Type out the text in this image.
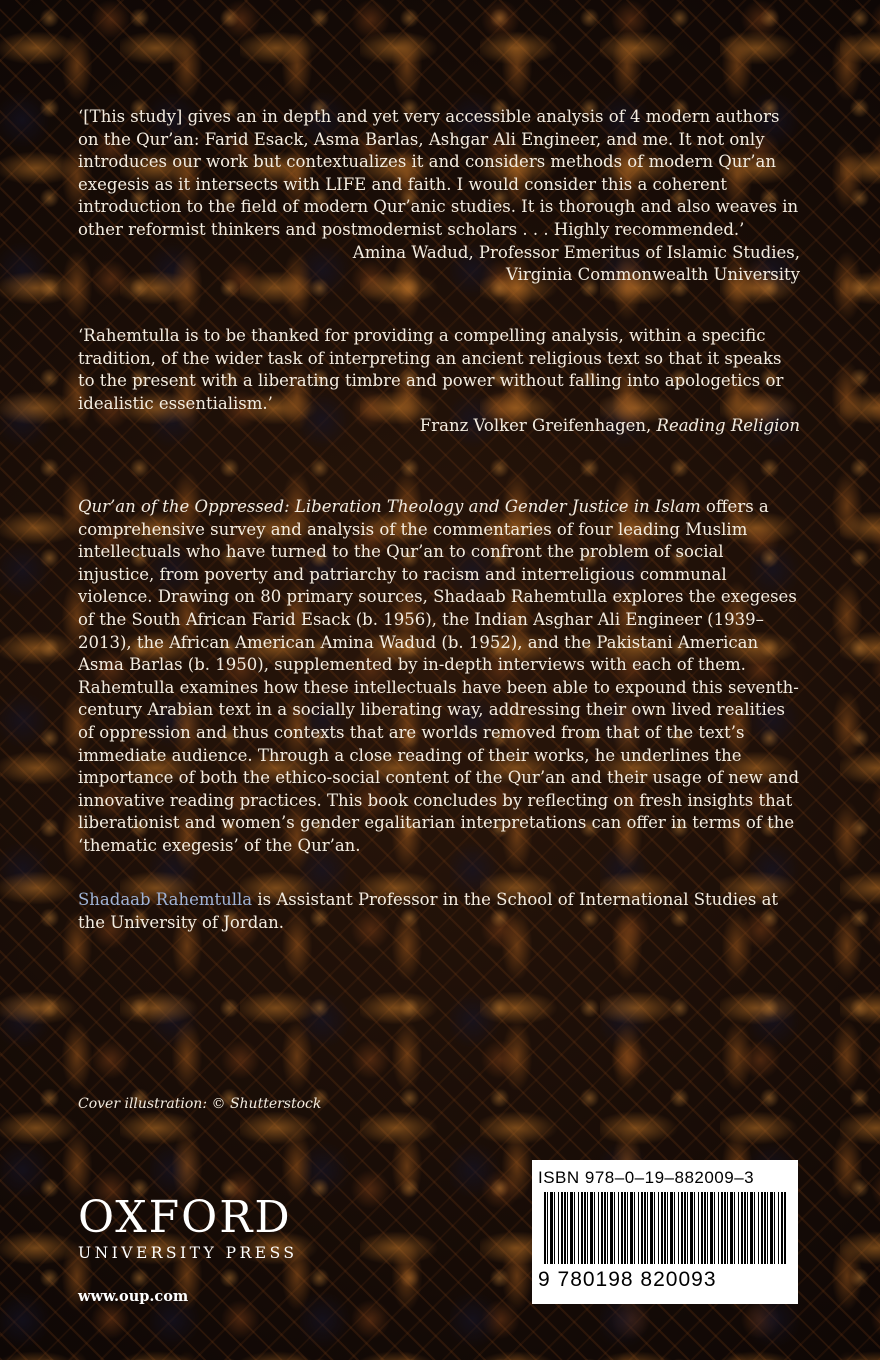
‘[This study] gives an in depth and yet very accessible analysis of 4 modern authors on the Qur’an: Farid Esack, Asma Barlas, Ashgar Ali Engineer, and me. It not only introduces our work but contextualizes it and considers methods of modern Qur’an exegesis as it intersects with LIFE and faith. I would consider this a coherent introduction to the field of modern Qur’anic studies. It is thorough and also weaves in other reformist thinkers and postmodernist scholars . . . Highly recommended.’

Amina Wadud, Professor Emeritus of Islamic Studies,
Virginia Commonwealth University

‘Rahemtulla is to be thanked for providing a compelling analysis, within a specific tradition, of the wider task of interpreting an ancient religious text so that it speaks to the present with a liberating timbre and power without falling into apologetics or idealistic essentialism.’

Franz Volker Greifenhagen, Reading Religion

Qur’an of the Oppressed: Liberation Theology and Gender Justice in Islam offers a comprehensive survey and analysis of the commentaries of four leading Muslim intellectuals who have turned to the Qur’an to confront the problem of social injustice, from poverty and patriarchy to racism and interreligious communal violence. Drawing on 80 primary sources, Shadaab Rahemtulla explores the exegeses of the South African Farid Esack (b. 1956), the Indian Asghar Ali Engineer (1939–2013), the African American Amina Wadud (b. 1952), and the Pakistani American Asma Barlas (b. 1950), supplemented by in-depth interviews with each of them. Rahemtulla examines how these intellectuals have been able to expound this seventh-century Arabian text in a socially liberating way, addressing their own lived realities of oppression and thus contexts that are worlds removed from that of the text’s immediate audience. Through a close reading of their works, he underlines the importance of both the ethico-social content of the Qur’an and their usage of new and innovative reading practices. This book concludes by reflecting on fresh insights that liberationist and women’s gender egalitarian interpretations can offer in terms of the ‘thematic exegesis’ of the Qur’an.

Shadaab Rahemtulla is Assistant Professor in the School of International Studies at the University of Jordan.

Cover illustration: © Shutterstock
OXFORD
UNIVERSITY PRESS
www.oup.com
ISBN 978–0–19–882009–3
9 780198 820093
